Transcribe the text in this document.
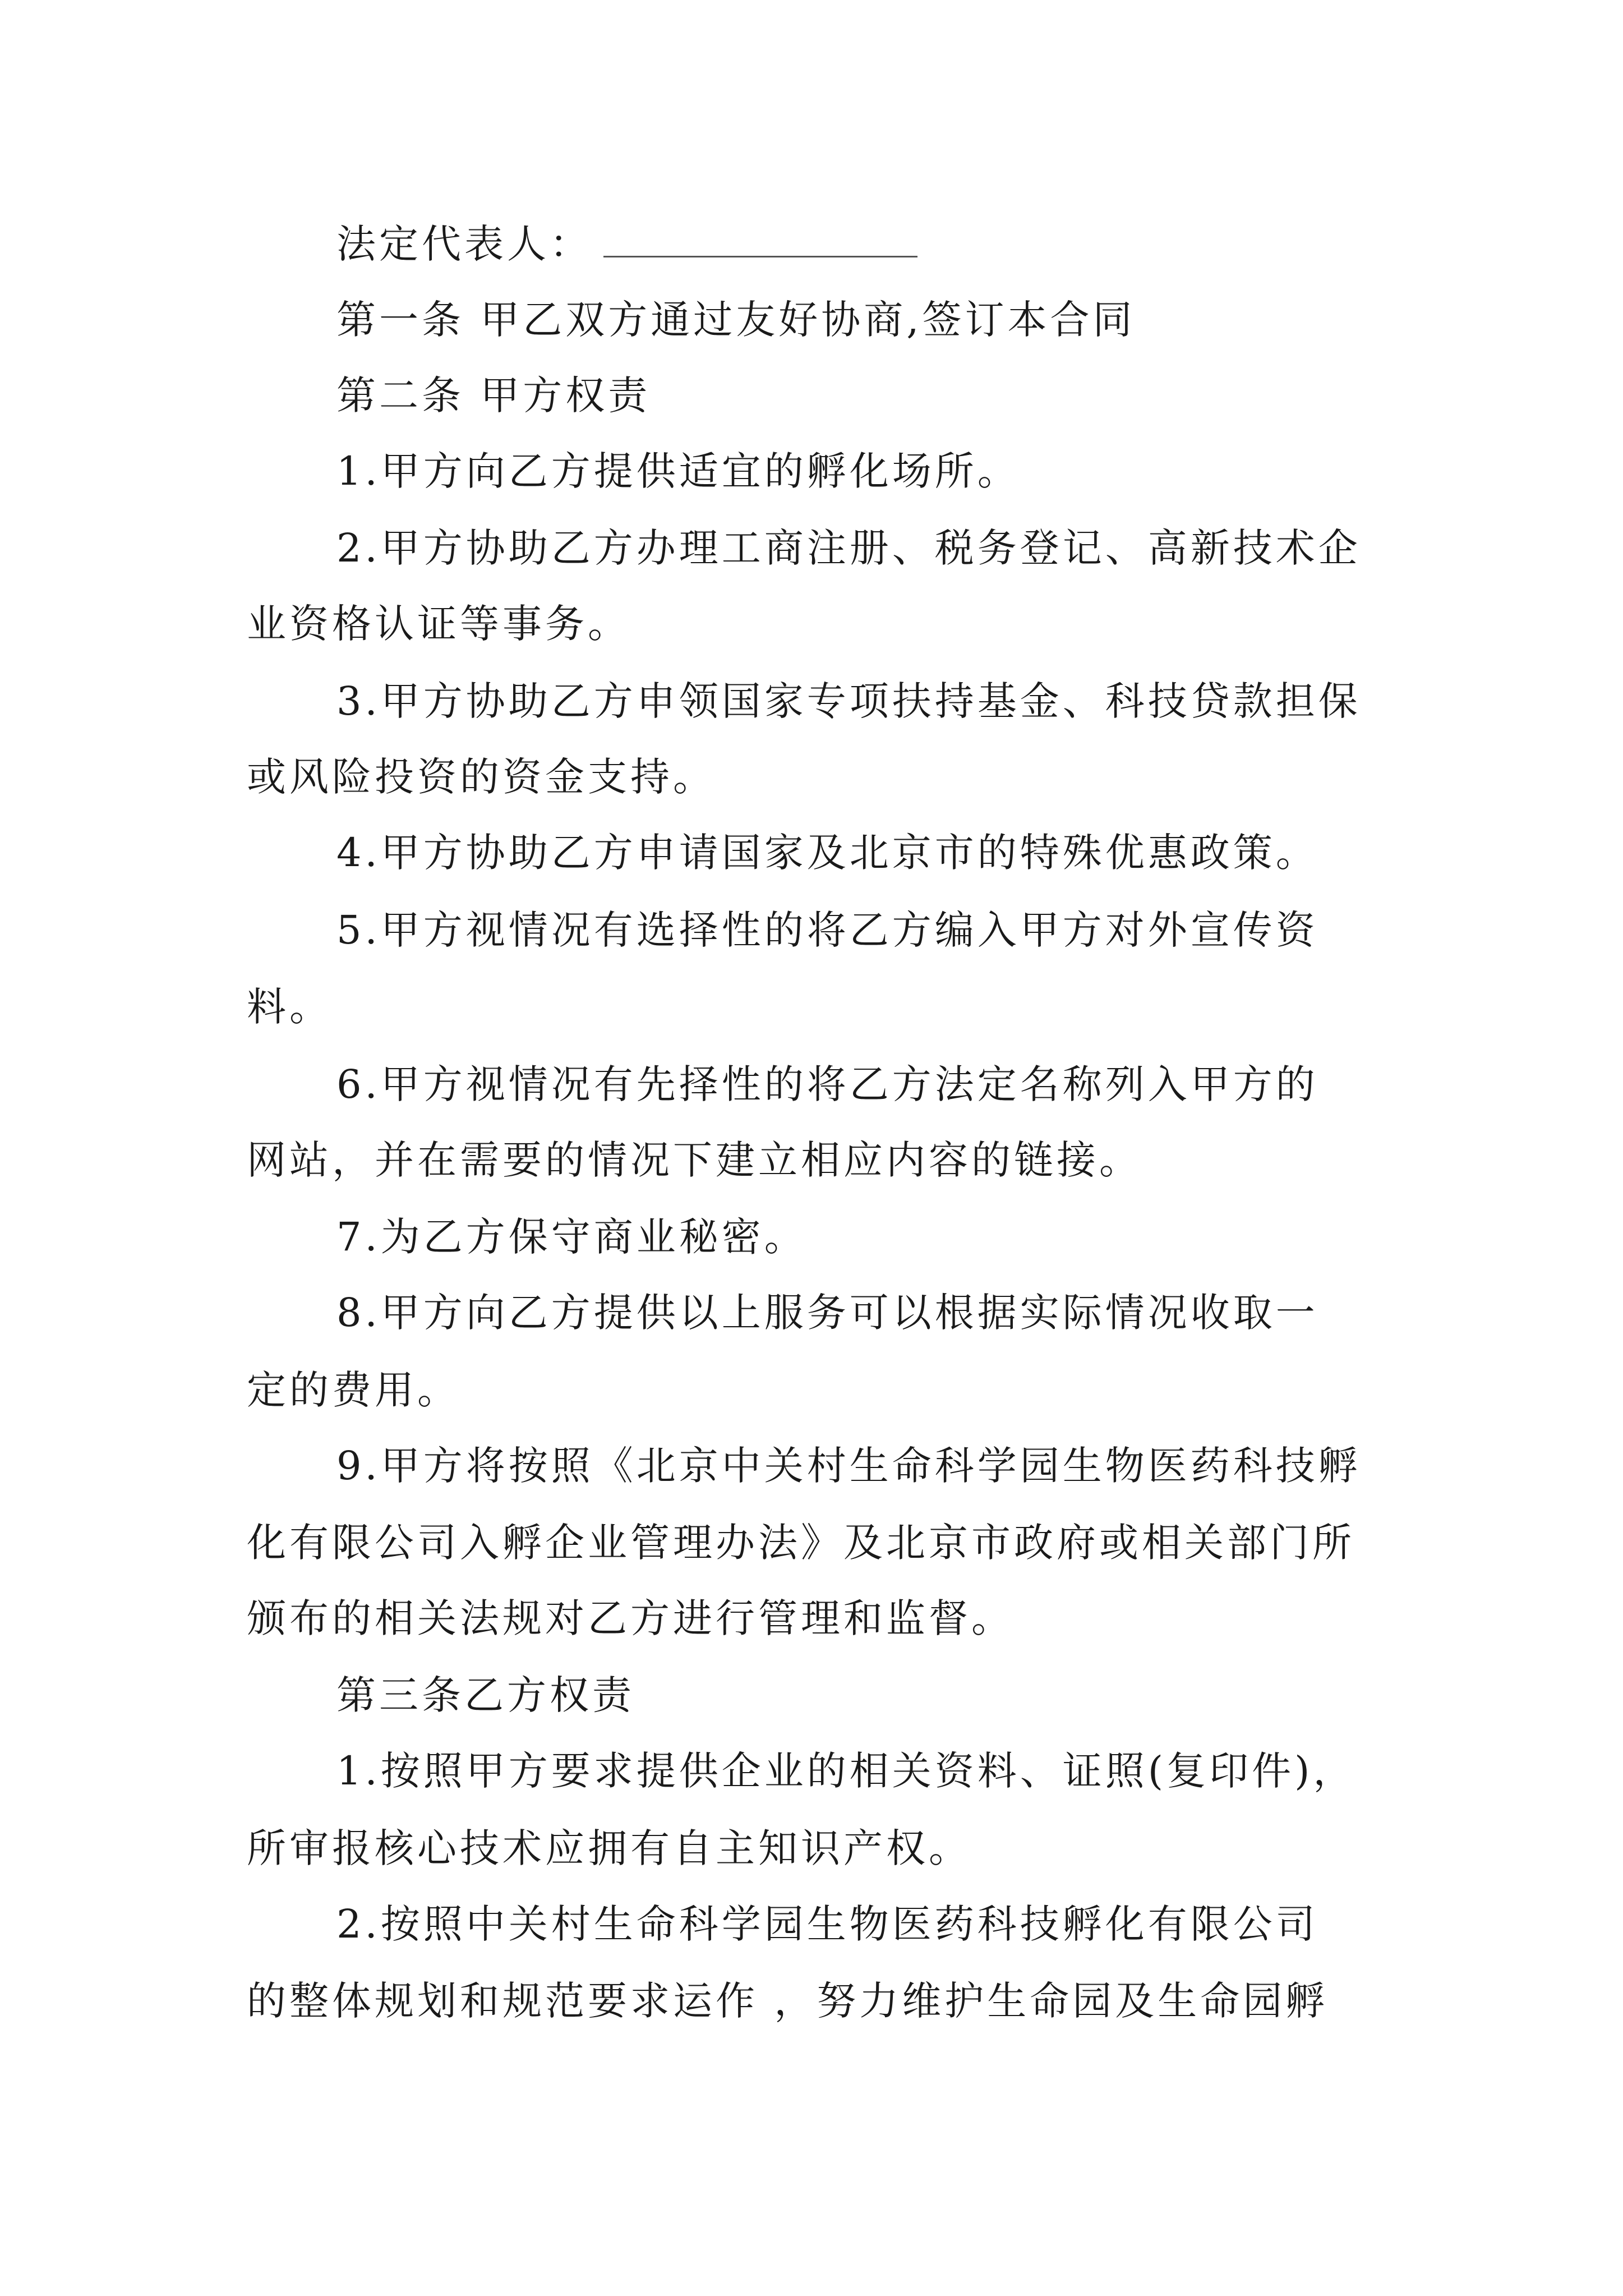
法定代表人：
第一条 甲乙双方通过友好协商,签订本合同
第二条 甲方权责
1.甲方向乙方提供适宜的孵化场所。
2.甲方协助乙方办理工商注册、税务登记、高新技术企
业资格认证等事务。
3.甲方协助乙方申领国家专项扶持基金、科技贷款担保
或风险投资的资金支持。
4.甲方协助乙方申请国家及北京市的特殊优惠政策。
5.甲方视情况有选择性的将乙方编入甲方对外宣传资
料。
6.甲方视情况有先择性的将乙方法定名称列入甲方的
网站，并在需要的情况下建立相应内容的链接。
7.为乙方保守商业秘密。
8.甲方向乙方提供以上服务可以根据实际情况收取一
定的费用。
9.甲方将按照《北京中关村生命科学园生物医药科技孵
化有限公司入孵企业管理办法》及北京市政府或相关部门所
颁布的相关法规对乙方进行管理和监督。
第三条乙方权责
1.按照甲方要求提供企业的相关资料、证照(复印件)，
所审报核心技术应拥有自主知识产权。
2.按照中关村生命科学园生物医药科技孵化有限公司
的整体规划和规范要求运作 ，努力维护生命园及生命园孵
